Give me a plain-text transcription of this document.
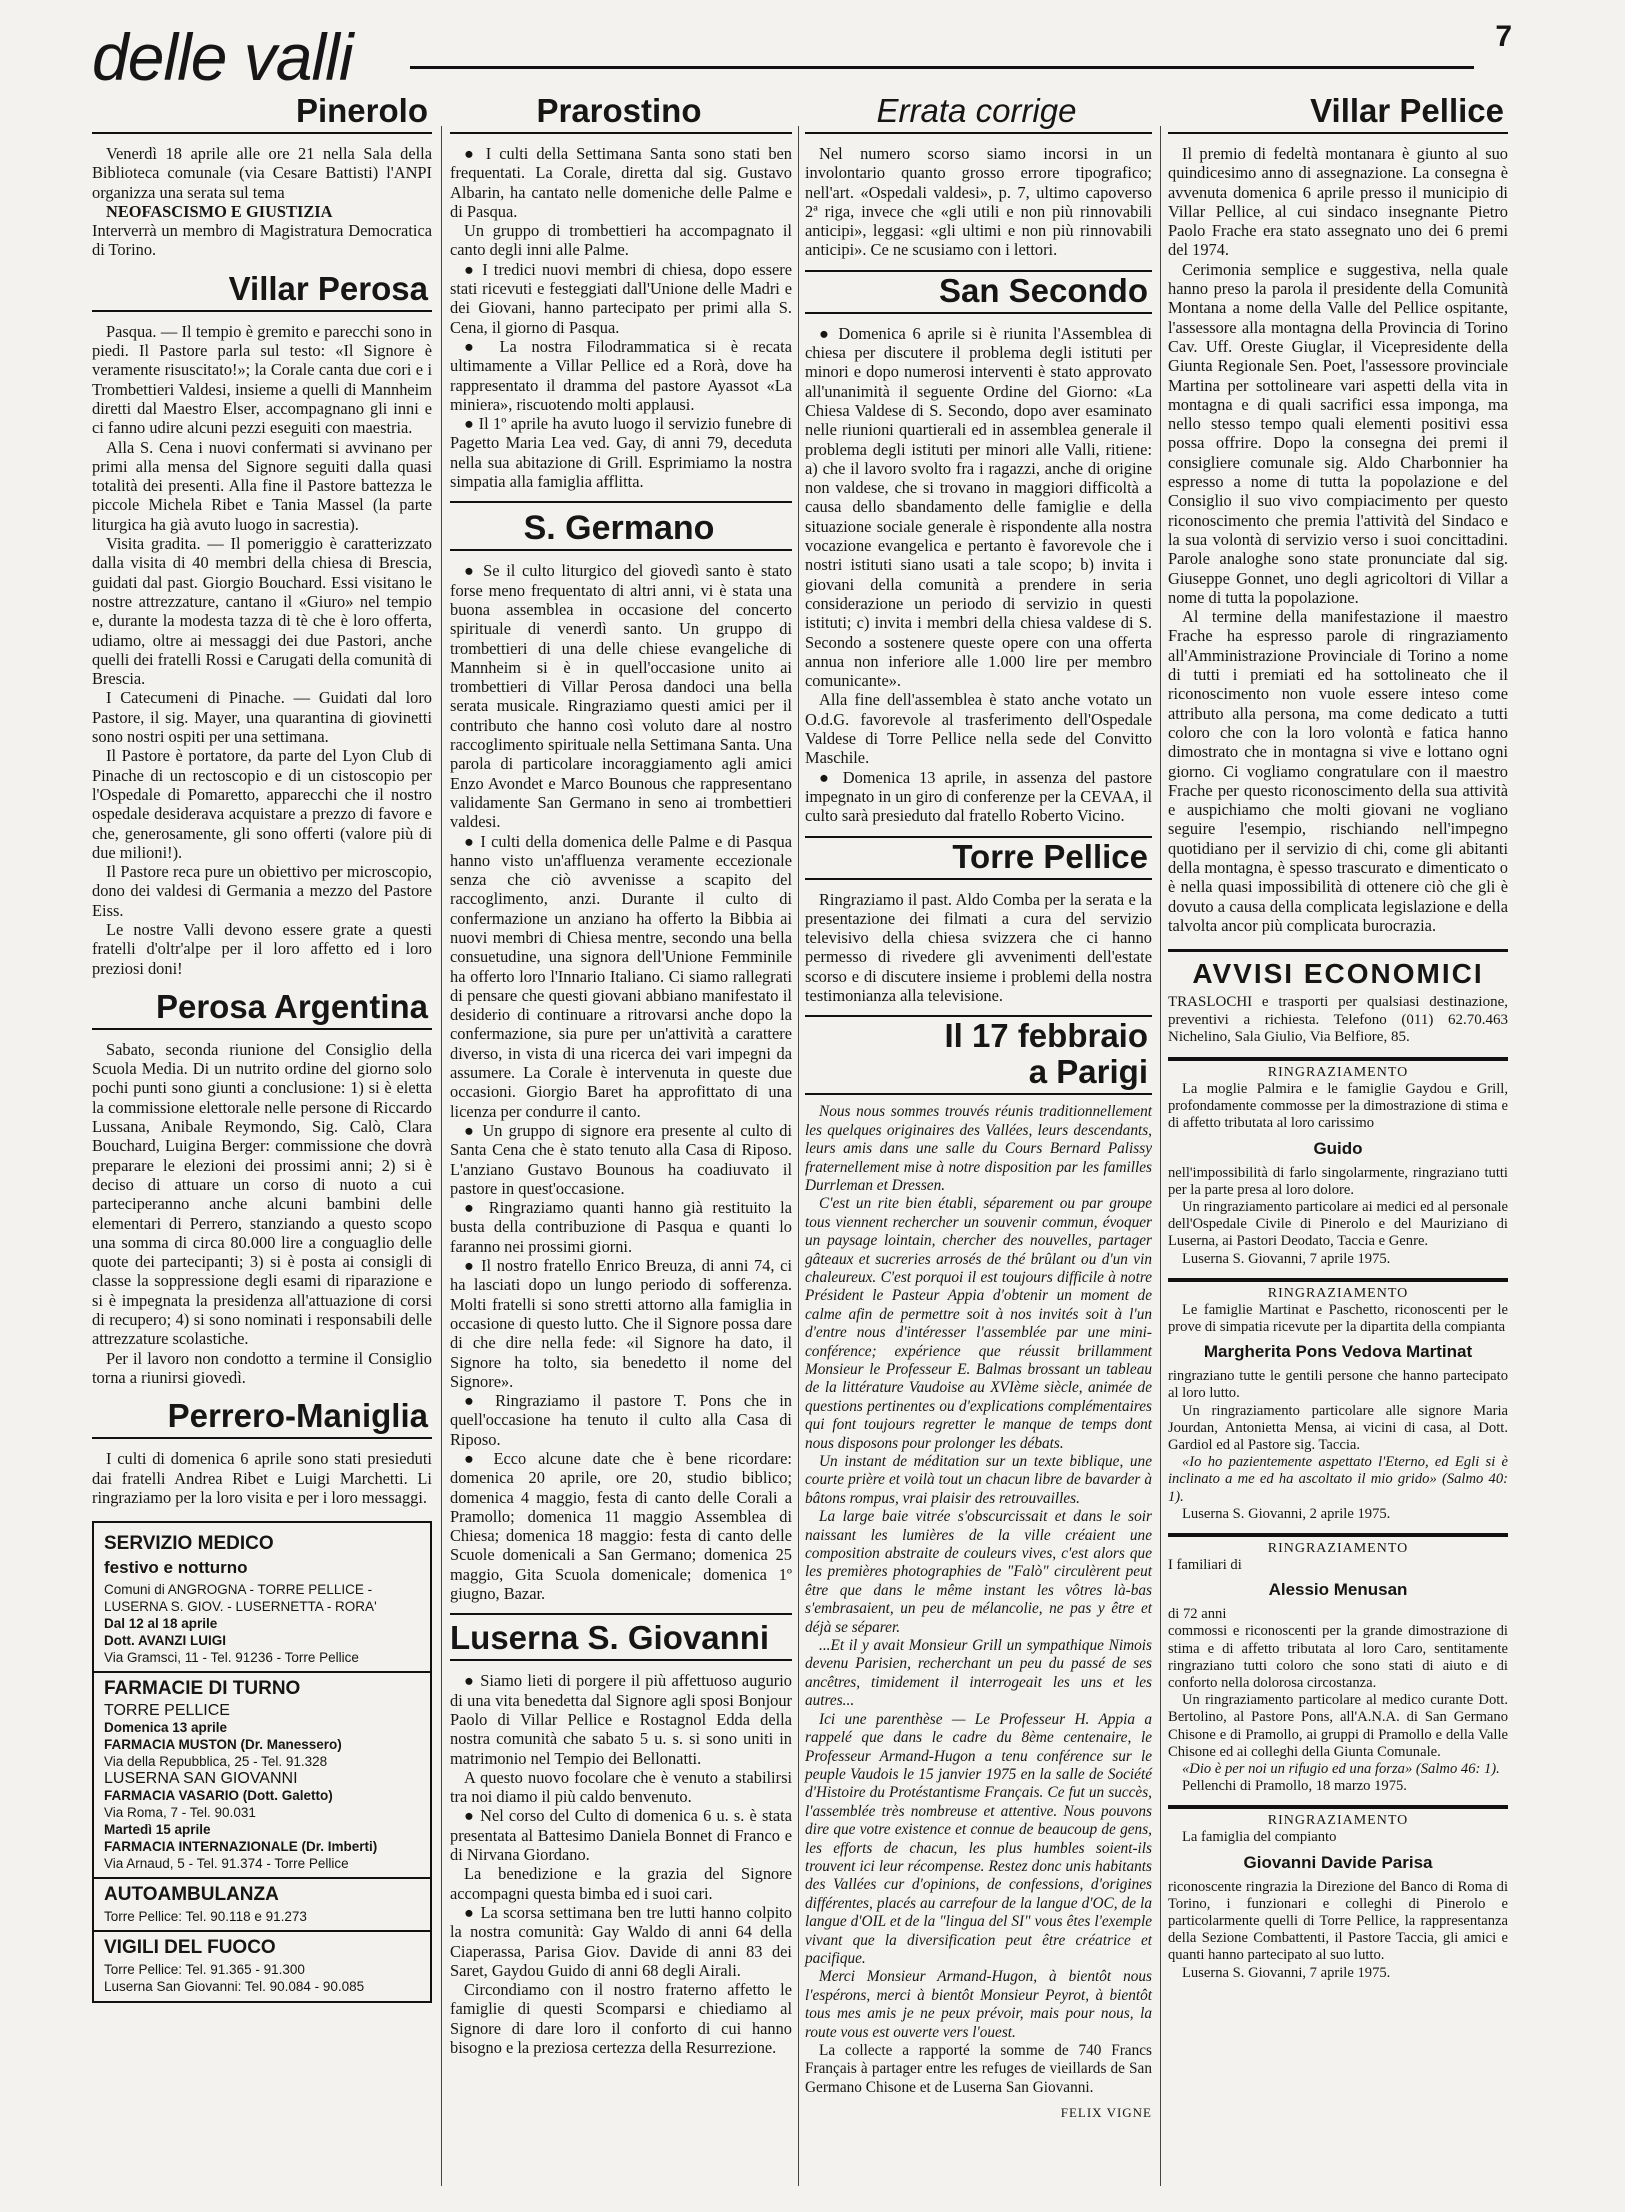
delle valli	7
Pinerolo

Venerdì 18 aprile alle ore 21 nella Sala della Biblioteca comunale (via Cesare Battisti) l'ANPI organizza una serata sul tema

NEOFASCISMO E GIUSTIZIA

Interverrà un membro di Magistratura Democratica di Torino.

Villar Perosa

Pasqua. — Il tempio è gremito e parecchi sono in piedi. Il Pastore parla sul testo: «Il Signore è veramente risuscitato!»; la Corale canta due cori e i Trombettieri Valdesi, insieme a quelli di Mannheim diretti dal Maestro Elser, accompagnano gli inni e ci fanno udire alcuni pezzi eseguiti con maestria.

Alla S. Cena i nuovi confermati si avvinano per primi alla mensa del Signore seguiti dalla quasi totalità dei presenti. Alla fine il Pastore battezza le piccole Michela Ribet e Tania Massel (la parte liturgica ha già avuto luogo in sacrestia).

Visita gradita. — Il pomeriggio è caratterizzato dalla visita di 40 membri della chiesa di Brescia, guidati dal past. Giorgio Bouchard. Essi visitano le nostre attrezzature, cantano il «Giuro» nel tempio e, durante la modesta tazza di tè che è loro offerta, udiamo, oltre ai messaggi dei due Pastori, anche quelli dei fratelli Rossi e Carugati della comunità di Brescia.

I Catecumeni di Pinache. — Guidati dal loro Pastore, il sig. Mayer, una quarantina di giovinetti sono nostri ospiti per una settimana.

Il Pastore è portatore, da parte del Lyon Club di Pinache di un rectoscopio e di un cistoscopio per l'Ospedale di Pomaretto, apparecchi che il nostro ospedale desiderava acquistare a prezzo di favore e che, generosamente, gli sono offerti (valore più di due milioni!).

Il Pastore reca pure un obiettivo per microscopio, dono dei valdesi di Germania a mezzo del Pastore Eiss.

Le nostre Valli devono essere grate a questi fratelli d'oltr'alpe per il loro affetto ed i loro preziosi doni!

Perosa Argentina

Sabato, seconda riunione del Consiglio della Scuola Media. Di un nutrito ordine del giorno solo pochi punti sono giunti a conclusione: 1) si è eletta la commissione elettorale nelle persone di Riccardo Lussana, Anibale Reymondo, Sig. Calò, Clara Bouchard, Luigina Berger: commissione che dovrà preparare le elezioni dei prossimi anni; 2) si è deciso di attuare un corso di nuoto a cui parteciperanno anche alcuni bambini delle elementari di Perrero, stanziando a questo scopo una somma di circa 80.000 lire a conguaglio delle quote dei partecipanti; 3) si è posta ai consigli di classe la soppressione degli esami di riparazione e si è impegnata la presidenza all'attuazione di corsi di recupero; 4) si sono nominati i responsabili delle attrezzature scolastiche.

Per il lavoro non condotto a termine il Consiglio torna a riunirsi giovedì.

Perrero-Maniglia

I culti di domenica 6 aprile sono stati presieduti dai fratelli Andrea Ribet e Luigi Marchetti. Li ringraziamo per la loro visita e per i loro messaggi.

SERVIZIO MEDICO
festivo e notturno
Comuni di ANGROGNA - TORRE PELLICE -
LUSERNA S. GIOV. - LUSERNETTA - RORA'
Dal 12 al 18 aprile
Dott. AVANZI LUIGI
Via Gramsci, 11 - Tel. 91236 - Torre Pellice
FARMACIE DI TURNO
TORRE PELLICE
Domenica 13 aprile
FARMACIA MUSTON (Dr. Manessero)
Via della Repubblica, 25 - Tel. 91.328
LUSERNA SAN GIOVANNI
FARMACIA VASARIO (Dott. Galetto)
Via Roma, 7 - Tel. 90.031
Martedì 15 aprile
FARMACIA INTERNAZIONALE (Dr. Imberti)
Via Arnaud, 5 - Tel. 91.374 - Torre Pellice
AUTOAMBULANZA
Torre Pellice: Tel. 90.118 e 91.273
VIGILI DEL FUOCO
Torre Pellice: Tel. 91.365 - 91.300
Luserna San Giovanni: Tel. 90.084 - 90.085
Prarostino

● I culti della Settimana Santa sono stati ben frequentati. La Corale, diretta dal sig. Gustavo Albarin, ha cantato nelle domeniche delle Palme e di Pasqua.

Un gruppo di trombettieri ha accompagnato il canto degli inni alle Palme.

● I tredici nuovi membri di chiesa, dopo essere stati ricevuti e festeggiati dall'Unione delle Madri e dei Giovani, hanno partecipato per primi alla S. Cena, il giorno di Pasqua.

● La nostra Filodrammatica si è recata ultimamente a Villar Pellice ed a Rorà, dove ha rappresentato il dramma del pastore Ayassot «La miniera», riscuotendo molti applausi.

● Il 1º aprile ha avuto luogo il servizio funebre di Pagetto Maria Lea ved. Gay, di anni 79, deceduta nella sua abitazione di Grill. Esprimiamo la nostra simpatia alla famiglia afflitta.

S. Germano

● Se il culto liturgico del giovedì santo è stato forse meno frequentato di altri anni, vi è stata una buona assemblea in occasione del concerto spirituale di venerdì santo. Un gruppo di trombettieri di una delle chiese evangeliche di Mannheim si è in quell'occasione unito ai trombettieri di Villar Perosa dandoci una bella serata musicale. Ringraziamo questi amici per il contributo che hanno così voluto dare al nostro raccoglimento spirituale nella Settimana Santa. Una parola di particolare incoraggiamento agli amici Enzo Avondet e Marco Bounous che rappresentano validamente San Germano in seno ai trombettieri valdesi.

● I culti della domenica delle Palme e di Pasqua hanno visto un'affluenza veramente eccezionale senza che ciò avvenisse a scapito del raccoglimento, anzi. Durante il culto di confermazione un anziano ha offerto la Bibbia ai nuovi membri di Chiesa mentre, secondo una bella consuetudine, una signora dell'Unione Femminile ha offerto loro l'Innario Italiano. Ci siamo rallegrati di pensare che questi giovani abbiano manifestato il desiderio di continuare a ritrovarsi anche dopo la confermazione, sia pure per un'attività a carattere diverso, in vista di una ricerca dei vari impegni da assumere. La Corale è intervenuta in queste due occasioni. Giorgio Baret ha approfittato di una licenza per condurre il canto.

● Un gruppo di signore era presente al culto di Santa Cena che è stato tenuto alla Casa di Riposo. L'anziano Gustavo Bounous ha coadiuvato il pastore in quest'occasione.

● Ringraziamo quanti hanno già restituito la busta della contribuzione di Pasqua e quanti lo faranno nei prossimi giorni.

● Il nostro fratello Enrico Breuza, di anni 74, ci ha lasciati dopo un lungo periodo di sofferenza. Molti fratelli si sono stretti attorno alla famiglia in occasione di questo lutto. Che il Signore possa dare di che dire nella fede: «il Signore ha dato, il Signore ha tolto, sia benedetto il nome del Signore».

● Ringraziamo il pastore T. Pons che in quell'occasione ha tenuto il culto alla Casa di Riposo.

● Ecco alcune date che è bene ricordare: domenica 20 aprile, ore 20, studio biblico; domenica 4 maggio, festa di canto delle Corali a Pramollo; domenica 11 maggio Assemblea di Chiesa; domenica 18 maggio: festa di canto delle Scuole domenicali a San Germano; domenica 25 maggio, Gita Scuola domenicale; domenica 1º giugno, Bazar.

Luserna S. Giovanni

● Siamo lieti di porgere il più affettuoso augurio di una vita benedetta dal Signore agli sposi Bonjour Paolo di Villar Pellice e Rostagnol Edda della nostra comunità che sabato 5 u. s. si sono uniti in matrimonio nel Tempio dei Bellonatti.

A questo nuovo focolare che è venuto a stabilirsi tra noi diamo il più caldo benvenuto.

● Nel corso del Culto di domenica 6 u. s. è stata presentata al Battesimo Daniela Bonnet di Franco e di Nirvana Giordano.

La benedizione e la grazia del Signore accompagni questa bimba ed i suoi cari.

● La scorsa settimana ben tre lutti hanno colpito la nostra comunità: Gay Waldo di anni 64 della Ciaperassa, Parisa Giov. Davide di anni 83 dei Saret, Gaydou Guido di anni 68 degli Airali.

Circondiamo con il nostro fraterno affetto le famiglie di questi Scomparsi e chiediamo al Signore di dare loro il conforto di cui hanno bisogno e la preziosa certezza della Resurrezione.

Errata corrige

Nel numero scorso siamo incorsi in un involontario quanto grosso errore tipografico; nell'art. «Ospedali valdesi», p. 7, ultimo capoverso 2ª riga, invece che «gli utili e non più rinnovabili anticipi», leggasi: «gli ultimi e non più rinnovabili anticipi». Ce ne scusiamo con i lettori.

San Secondo

● Domenica 6 aprile si è riunita l'Assemblea di chiesa per discutere il problema degli istituti per minori e dopo numerosi interventi è stato approvato all'unanimità il seguente Ordine del Giorno: «La Chiesa Valdese di S. Secondo, dopo aver esaminato nelle riunioni quartierali ed in assemblea generale il problema degli istituti per minori alle Valli, ritiene: a) che il lavoro svolto fra i ragazzi, anche di origine non valdese, che si trovano in maggiori difficoltà a causa dello sbandamento delle famiglie e della situazione sociale generale è rispondente alla nostra vocazione evangelica e pertanto è favorevole che i nostri istituti siano usati a tale scopo; b) invita i giovani della comunità a prendere in seria considerazione un periodo di servizio in questi istituti; c) invita i membri della chiesa valdese di S. Secondo a sostenere queste opere con una offerta annua non inferiore alle 1.000 lire per membro comunicante».

Alla fine dell'assemblea è stato anche votato un O.d.G. favorevole al trasferimento dell'Ospedale Valdese di Torre Pellice nella sede del Convitto Maschile.

● Domenica 13 aprile, in assenza del pastore impegnato in un giro di conferenze per la CEVAA, il culto sarà presieduto dal fratello Roberto Vicino.

Torre Pellice

Ringraziamo il past. Aldo Comba per la serata e la presentazione dei filmati a cura del servizio televisivo della chiesa svizzera che ci hanno permesso di rivedere gli avvenimenti dell'estate scorso e di discutere insieme i problemi della nostra testimonianza alla televisione.

Il 17 febbraio
a Parigi

Nous nous sommes trouvés réunis traditionnellement les quelques originaires des Vallées, leurs descendants, leurs amis dans une salle du Cours Bernard Palissy fraternellement mise à notre disposition par les familles Durrleman et Dressen.

C'est un rite bien établi, séparement ou par groupe tous viennent rechercher un souvenir commun, évoquer un paysage lointain, chercher des nouvelles, partager gâteaux et sucreries arrosés de thé brûlant ou d'un vin chaleureux. C'est porquoi il est toujours difficile à notre Président le Pasteur Appia d'obtenir un moment de calme afin de permettre soit à nos invités soit à l'un d'entre nous d'intéresser l'assemblée par une mini-conférence; expérience que réussit brillamment Monsieur le Professeur E. Balmas brossant un tableau de la littérature Vaudoise au XVIème siècle, animée de questions pertinentes ou d'explications complémentaires qui font toujours regretter le manque de temps dont nous disposons pour prolonger les débats.

Un instant de méditation sur un texte biblique, une courte prière et voilà tout un chacun libre de bavarder à bâtons rompus, vrai plaisir des retrouvailles.

La large baie vitrée s'obscurcissait et dans le soir naissant les lumières de la ville créaient une composition abstraite de couleurs vives, c'est alors que les premières photographies de "Falò" circulèrent peut être que dans le même instant les vôtres là-bas s'embrasaient, un peu de mélancolie, ne pas y être et déjà se séparer.

...Et il y avait Monsieur Grill un sympathique Nimois devenu Parisien, recherchant un peu du passé de ses ancêtres, timidement il interrogeait les uns et les autres...

Ici une parenthèse — Le Professeur H. Appia a rappelé que dans le cadre du 8ème centenaire, le Professeur Armand-Hugon a tenu conférence sur le peuple Vaudois le 15 janvier 1975 en la salle de Société d'Histoire du Protéstantisme Français. Ce fut un succès, l'assemblée très nombreuse et attentive. Nous pouvons dire que votre existence et connue de beaucoup de gens, les efforts de chacun, les plus humbles soient-ils trouvent ici leur récompense. Restez donc unis habitants des Vallées cur d'opinions, de confessions, d'origines différentes, placés au carrefour de la langue d'OC, de la langue d'OIL et de la "lingua del SI" vous êtes l'exemple vivant que la diversification peut être créatrice et pacifique.

Merci Monsieur Armand-Hugon, à bientôt nous l'espérons, merci à bientôt Monsieur Peyrot, à bientôt tous mes amis je ne peux prévoir, mais pour nous, la route vous est ouverte vers l'ouest.

La collecte a rapporté la somme de 740 Francs Français à partager entre les refuges de vieillards de San Germano Chisone et de Luserna San Giovanni.

FELIX VIGNE
Villar Pellice

Il premio di fedeltà montanara è giunto al suo quindicesimo anno di assegnazione. La consegna è avvenuta domenica 6 aprile presso il municipio di Villar Pellice, al cui sindaco insegnante Pietro Paolo Frache era stato assegnato uno dei 6 premi del 1974.

Cerimonia semplice e suggestiva, nella quale hanno preso la parola il presidente della Comunità Montana a nome della Valle del Pellice ospitante, l'assessore alla montagna della Provincia di Torino Cav. Uff. Oreste Giuglar, il Vicepresidente della Giunta Regionale Sen. Poet, l'assessore provinciale Martina per sottolineare vari aspetti della vita in montagna e di quali sacrifici essa imponga, ma nello stesso tempo quali elementi positivi essa possa offrire. Dopo la consegna dei premi il consigliere comunale sig. Aldo Charbonnier ha espresso a nome di tutta la popolazione e del Consiglio il suo vivo compiacimento per questo riconoscimento che premia l'attività del Sindaco e la sua volontà di servizio verso i suoi concittadini. Parole analoghe sono state pronunciate dal sig. Giuseppe Gonnet, uno degli agricoltori di Villar a nome di tutta la popolazione.

Al termine della manifestazione il maestro Frache ha espresso parole di ringraziamento all'Amministrazione Provinciale di Torino a nome di tutti i premiati ed ha sottolineato che il riconoscimento non vuole essere inteso come attributo alla persona, ma come dedicato a tutti coloro che con la loro volontà e fatica hanno dimostrato che in montagna si vive e lottano ogni giorno. Ci vogliamo congratulare con il maestro Frache per questo riconoscimento della sua attività e auspichiamo che molti giovani ne vogliano seguire l'esempio, rischiando nell'impegno quotidiano per il servizio di chi, come gli abitanti della montagna, è spesso trascurato e dimenticato o è nella quasi impossibilità di ottenere ciò che gli è dovuto a causa della complicata legislazione e della talvolta ancor più complicata burocrazia.

AVVISI ECONOMICI

TRASLOCHI e trasporti per qualsiasi destinazione, preventivi a richiesta. Telefono (011) 62.70.463 Nichelino, Sala Giulio, Via Belfiore, 85.

RINGRAZIAMENTO

La moglie Palmira e le famiglie Gaydou e Grill, profondamente commosse per la dimostrazione di stima e di affetto tributata al loro carissimo

Guido

nell'impossibilità di farlo singolarmente, ringraziano tutti per la parte presa al loro dolore.

Un ringraziamento particolare ai medici ed al personale dell'Ospedale Civile di Pinerolo e del Mauriziano di Luserna, ai Pastori Deodato, Taccia e Genre.

Luserna S. Giovanni, 7 aprile 1975.

RINGRAZIAMENTO

Le famiglie Martinat e Paschetto, riconoscenti per le prove di simpatia ricevute per la dipartita della compianta

Margherita Pons Vedova Martinat

ringraziano tutte le gentili persone che hanno partecipato al loro lutto.

Un ringraziamento particolare alle signore Maria Jourdan, Antonietta Mensa, ai vicini di casa, al Dott. Gardiol ed al Pastore sig. Taccia.

«Io ho pazientemente aspettato l'Eterno, ed Egli si è inclinato a me ed ha ascoltato il mio grido» (Salmo 40: 1).

Luserna S. Giovanni, 2 aprile 1975.

RINGRAZIAMENTO

I familiari di

Alessio Menusan

di 72 anni

commossi e riconoscenti per la grande dimostrazione di stima e di affetto tributata al loro Caro, sentitamente ringraziano tutti coloro che sono stati di aiuto e di conforto nella dolorosa circostanza.

Un ringraziamento particolare al medico curante Dott. Bertolino, al Pastore Pons, all'A.N.A. di San Germano Chisone e di Pramollo, ai gruppi di Pramollo e della Valle Chisone ed ai colleghi della Giunta Comunale.

«Dio è per noi un rifugio ed una forza» (Salmo 46: 1).

Pellenchi di Pramollo, 18 marzo 1975.

RINGRAZIAMENTO

La famiglia del compianto

Giovanni Davide Parisa

riconoscente ringrazia la Direzione del Banco di Roma di Torino, i funzionari e colleghi di Pinerolo e particolarmente quelli di Torre Pellice, la rappresentanza della Sezione Combattenti, il Pastore Taccia, gli amici e quanti hanno partecipato al suo lutto.

Luserna S. Giovanni, 7 aprile 1975.
